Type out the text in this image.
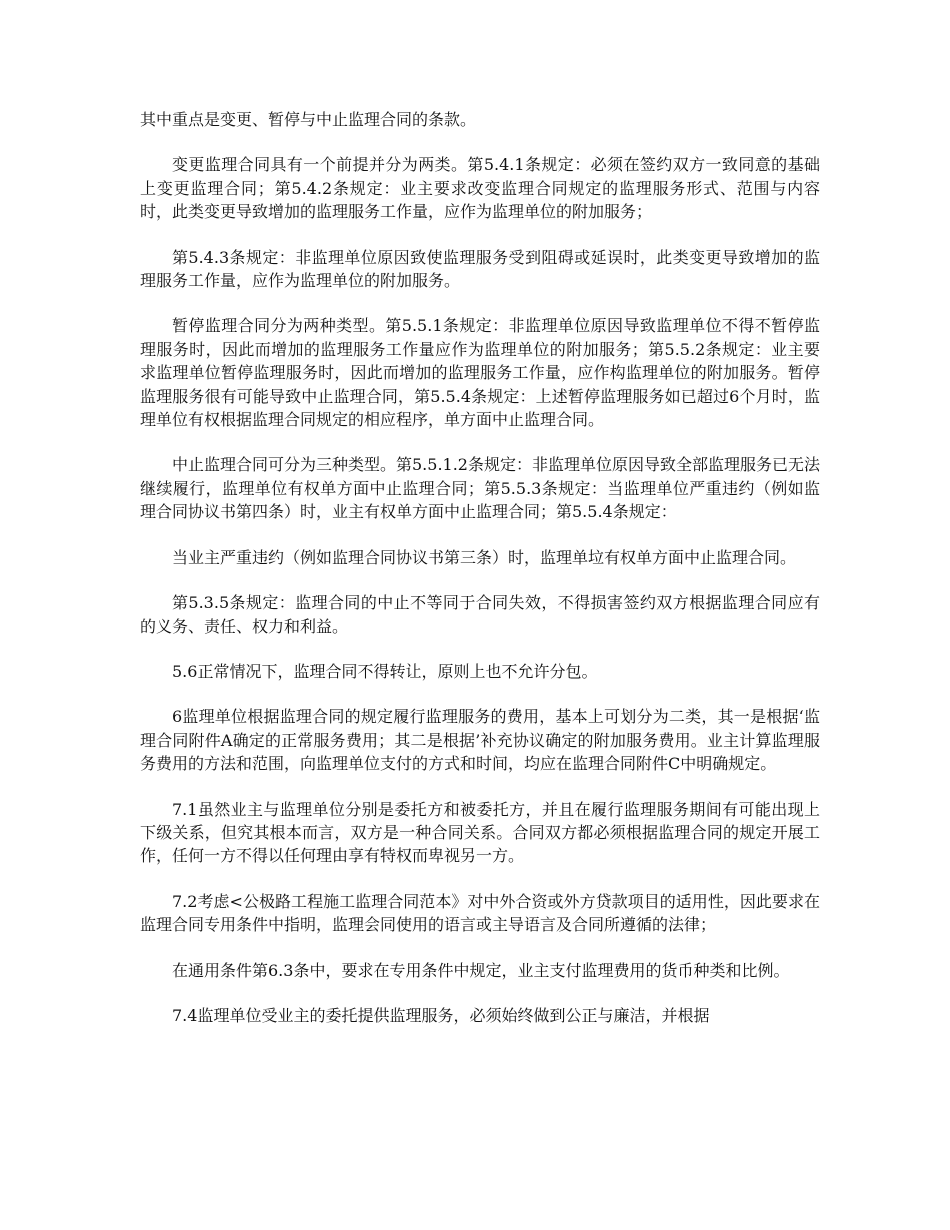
其中重点是变更、暂停与中止监理合同的条款。

变更监理合同具有一个前提并分为两类。第5.4.1条规定：必须在签约双方一致同意的基础上变更监理合同；第5.4.2条规定：业主要求改变监理合同规定的监理服务形式、范围与内容时，此类变更导致增加的监理服务工作量，应作为监理单位的附加服务；

第5.4.3条规定：非监理单位原因致使监理服务受到阻碍或延误时，此类变更导致增加的监理服务工作量，应作为监理单位的附加服务。

暂停监理合同分为两种类型。第5.5.1条规定：非监理单位原因导致监理单位不得不暂停监理服务时，因此而增加的监理服务工作量应作为监理单位的附加服务；第5.5.2条规定：业主要求监理单位暂停监理服务时，因此而增加的监理服务工作量，应作构监理单位的附加服务。暂停监理服务很有可能导致中止监理合同，第5.5.4条规定：上述暂停监理服务如已超过6个月时，监理单位有权根据监理合同规定的相应程序，单方面中止监理合同。

中止监理合同可分为三种类型。第5.5.1.2条规定：非监理单位原因导致全部监理服务已无法继续履行，监理单位有权单方面中止监理合同；第5.5.3条规定：当监理单位严重违约（例如监理合同协议书第四条）时，业主有权单方面中止监理合同；第5.5.4条规定：

当业主严重违约（例如监理合同协议书第三条）时，监理单垃有权单方面中止监理合同。

第5.3.5条规定：监理合同的中止不等同于合同失效，不得损害签约双方根据监理合同应有的义务、责任、权力和利益。

5.6正常情况下，监理合同不得转让，原则上也不允许分包。

6监理单位根据监理合同的规定履行监理服务的费用，基本上可划分为二类，其一是根据‘监理合同附件A确定的正常服务费用；其二是根据’补充协议确定的附加服务费用。业主计算监理服务费用的方法和范围，向监理单位支付的方式和时间，均应在监理合同附件C中明确规定。

7.1虽然业主与监理单位分别是委托方和被委托方，并且在履行监理服务期间有可能出现上下级关系，但究其根本而言，双方是一种合同关系。合同双方都必须根据监理合同的规定开展工作，任何一方不得以任何理由享有特权而卑视另一方。

7.2考虑<公极路工程施工监理合同范本》对中外合资或外方贷款项目的适用性，因此要求在监理合同专用条件中指明，监理会同使用的语言或主导语言及合同所遵循的法律；

在通用条件第6.3条中，要求在专用条件中规定，业主支付监理费用的货币种类和比例。

7.4监理单位受业主的委托提供监理服务，必须始终做到公正与廉洁，并根据
